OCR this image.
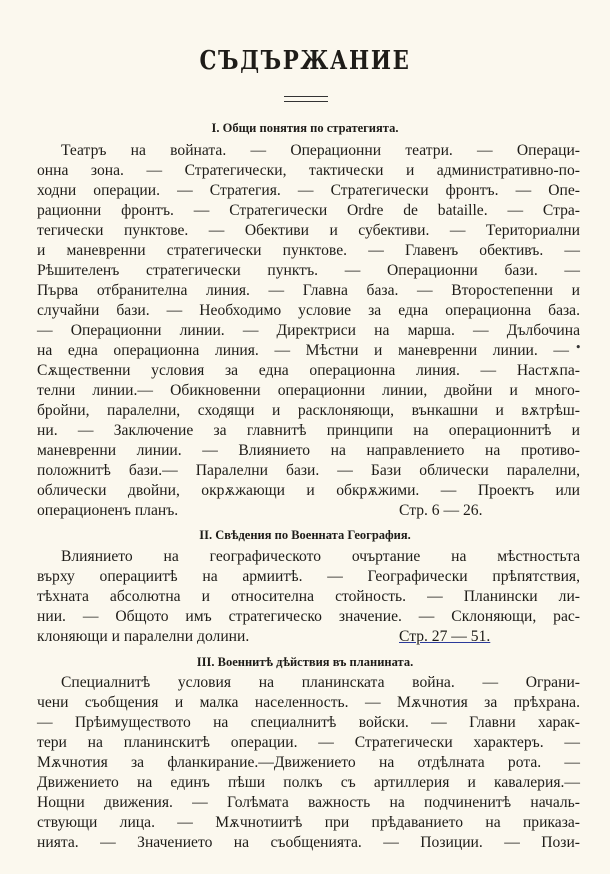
СЪДЪРЖАНИЕ
I. Общи понятия по стратегията.
Театръ на войната. — Операционни театри. — Операци-
онна зона. — Стратегически, тактически и административно-по-
ходни операции. — Стратегия. — Стратегически фронтъ. — Опе-
рационни фронтъ. — Стратегически Ordre de bataille. — Стра-
тегически пунктове. — Обективи и субективи. — Териториални
и маневренни стратегически пунктове. — Главенъ обективъ. —
Рѣшителенъ стратегически пунктъ. — Операционни бази. —
Първа отбранителна линия. — Главна база. — Второстепенни и
случайни бази. — Необходимо условие за една операционна база.
— Операционни линии. — Директриси на марша. — Дълбочина
на една операционна линия. — Мѣстни и маневренни линии. —
Сѫщественни условия за една операционна линия. — Настѫпа-
телни линии.— Обикновенни операционни линии, двойни и много-
бройни, паралелни, сходящи и расклоняющи, вънкашни и вѫтрѣш-
ни. — Заключение за главнитѣ принципи на операционнитѣ и
маневренни линии. — Влиянието на направлението на противо-
положнитѣ бази.— Паралелни бази. — Бази облически паралелни,
облически двойни, окрѫжающи и обкрѫжими. — Проектъ или
операционенъ планъ.	Стр. 6 — 26.
II. Свѣдения по Военната География.
Влиянието на географическото очъртание на мѣстностьта
върху операциитѣ на армиитѣ. — Географически прѣпятствия,
тѣхната абсолютна и относителна стойность. — Планински ли-
нии. — Общото имъ стратегическо значение. — Склоняющи, рас-
клоняющи и паралелни долини.	Стр. 27 — 51.
III. Военнитѣ дѣйствия въ планината.
Специалнитѣ условия на планинската война. — Ограни-
чени съобщения и малка населенность. — Мѫчнотия за прѣхрана.
— Прѣимуществото на специалнитѣ войски. — Главни харак-
тери на планинскитѣ операции. — Стратегически характеръ. —
Мѫчнотия за фланкирание.—Движението на отдѣлната рота. —
Движението на единъ пѣши полкъ съ артиллерия и кавалерия.—
Нощни движения. — Голѣмата важность на подчиненитѣ началь-
ствующи лица. — Мѫчнотиитѣ при прѣдаванието на приказа-
нията. — Значението на съобщенията. — Позиции. — Пози-
•
